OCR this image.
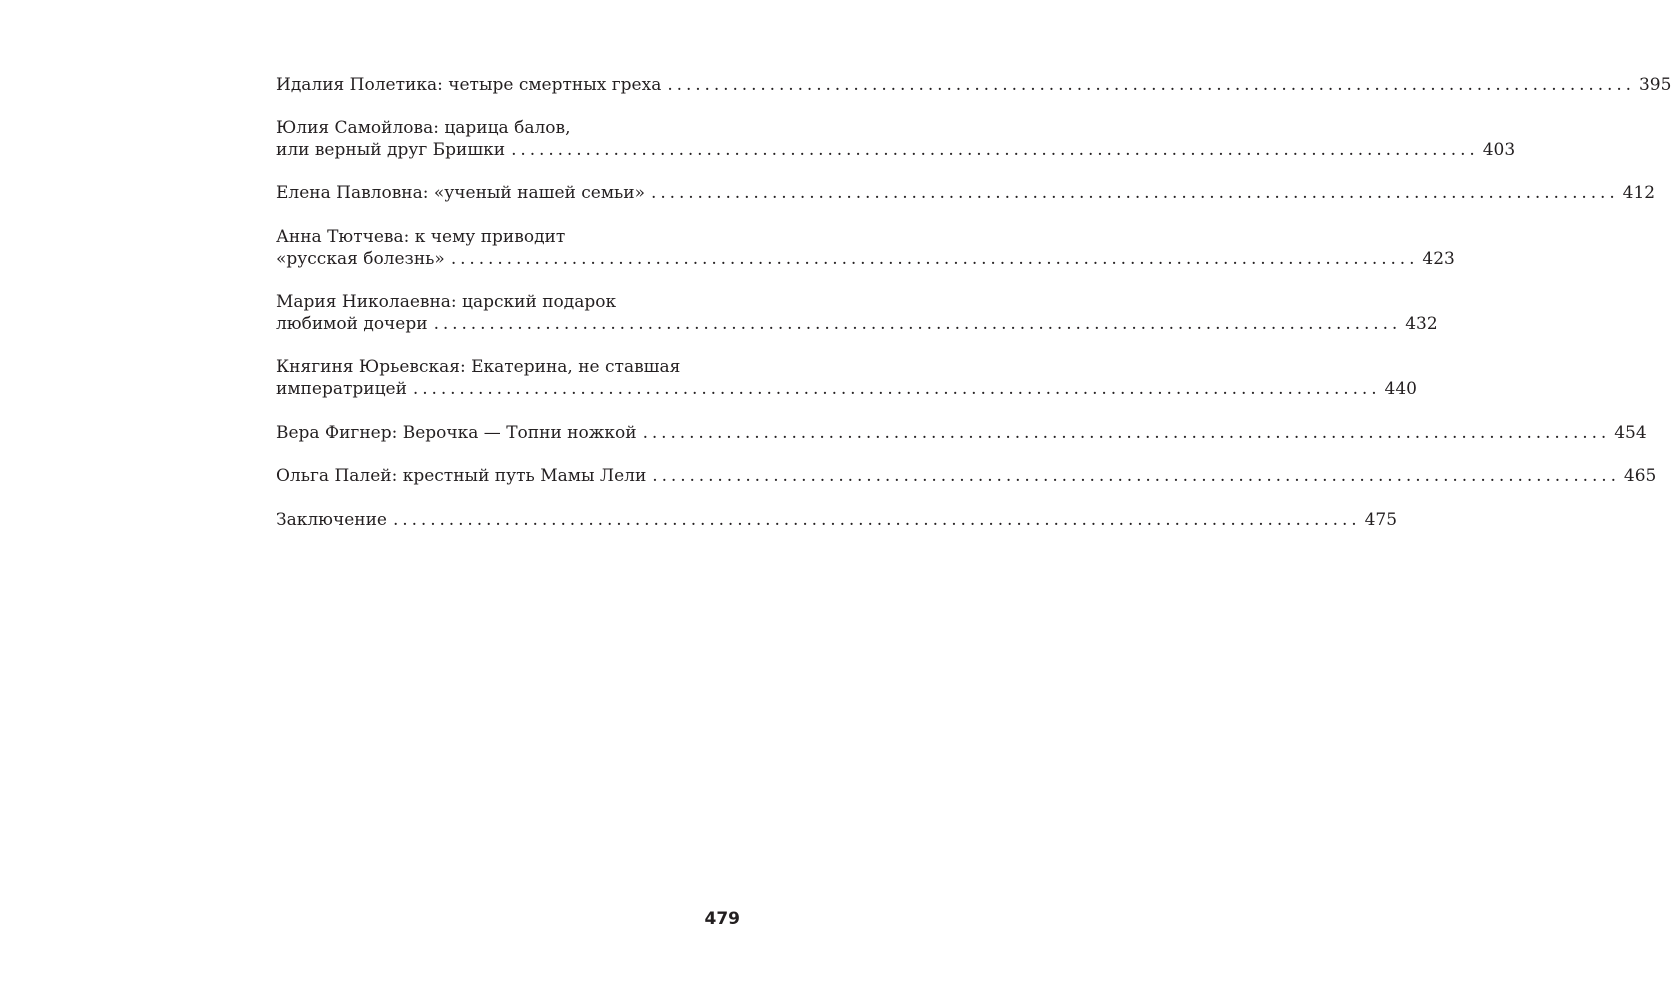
Идалия Полетика: четыре смертных греха ........................................................................................................ 395
Юлия Самойлова: царица балов,
или верный друг Бришки ........................................................................................................ 403
Елена Павловна: «ученый нашей семьи» ........................................................................................................ 412
Анна Тютчева: к чему приводит
«русская болезнь» ........................................................................................................ 423
Мария Николаевна: царский подарок
любимой дочери ........................................................................................................ 432
Княгиня Юрьевская: Екатерина, не ставшая
императрицей ........................................................................................................ 440
Вера Фигнер: Верочка — Топни ножкой ........................................................................................................ 454
Ольга Палей: крестный путь Мамы Лели ........................................................................................................ 465
Заключение ........................................................................................................ 475
479
